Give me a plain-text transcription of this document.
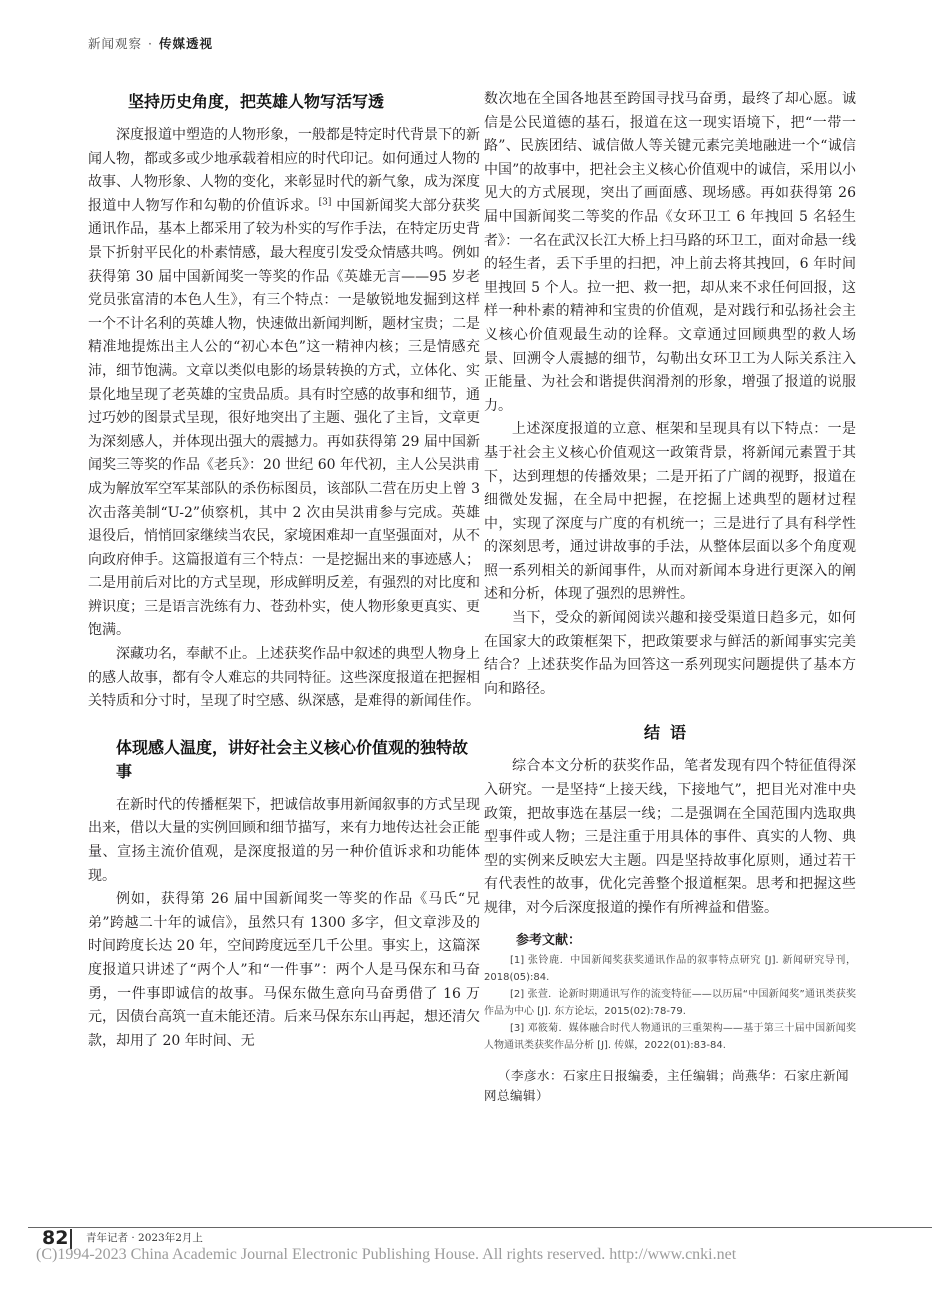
新闻观察 · 传媒透视
坚持历史角度，把英雄人物写活写透

深度报道中塑造的人物形象，一般都是特定时代背景下的新闻人物，都或多或少地承载着相应的时代印记。如何通过人物的故事、人物形象、人物的变化，来彰显时代的新气象，成为深度报道中人物写作和勾勒的价值诉求。[3] 中国新闻奖大部分获奖通讯作品，基本上都采用了较为朴实的写作手法，在特定历史背景下折射平民化的朴素情感，最大程度引发受众情感共鸣。例如获得第 30 届中国新闻奖一等奖的作品《英雄无言——95 岁老党员张富清的本色人生》，有三个特点：一是敏锐地发掘到这样一个不计名利的英雄人物，快速做出新闻判断，题材宝贵；二是精准地提炼出主人公的“初心本色”这一精神内核；三是情感充沛，细节饱满。文章以类似电影的场景转换的方式，立体化、实景化地呈现了老英雄的宝贵品质。具有时空感的故事和细节，通过巧妙的图景式呈现，很好地突出了主题、强化了主旨，文章更为深刻感人，并体现出强大的震撼力。再如获得第 29 届中国新闻奖三等奖的作品《老兵》：20 世纪 60 年代初，主人公吴洪甫成为解放军空军某部队的杀伤标图员，该部队二营在历史上曾 3 次击落美制“U-2”侦察机，其中 2 次由吴洪甫参与完成。英雄退役后，悄悄回家继续当农民，家境困难却一直坚强面对，从不向政府伸手。这篇报道有三个特点：一是挖掘出来的事迹感人；二是用前后对比的方式呈现，形成鲜明反差，有强烈的对比度和辨识度；三是语言洗练有力、苍劲朴实，使人物形象更真实、更饱满。

深藏功名，奉献不止。上述获奖作品中叙述的典型人物身上的感人故事，都有令人难忘的共同特征。这些深度报道在把握相关特质和分寸时，呈现了时空感、纵深感，是难得的新闻佳作。

体现感人温度，讲好社会主义核心价值观的独特故事

在新时代的传播框架下，把诚信故事用新闻叙事的方式呈现出来，借以大量的实例回顾和细节描写，来有力地传达社会正能量、宣扬主流价值观，是深度报道的另一种价值诉求和功能体现。

例如，获得第 26 届中国新闻奖一等奖的作品《马氏“兄弟”跨越二十年的诚信》，虽然只有 1300 多字，但文章涉及的时间跨度长达 20 年，空间跨度远至几千公里。事实上，这篇深度报道只讲述了“两个人”和“一件事”：两个人是马保东和马奋勇，一件事即诚信的故事。马保东做生意向马奋勇借了 16 万元，因债台高筑一直未能还清。后来马保东东山再起，想还清欠款，却用了 20 年时间、无

数次地在全国各地甚至跨国寻找马奋勇，最终了却心愿。诚信是公民道德的基石，报道在这一现实语境下，把“一带一路”、民族团结、诚信做人等关键元素完美地融进一个“诚信中国”的故事中，把社会主义核心价值观中的诚信，采用以小见大的方式展现，突出了画面感、现场感。再如获得第 26 届中国新闻奖二等奖的作品《女环卫工 6 年拽回 5 名轻生者》：一名在武汉长江大桥上扫马路的环卫工，面对命悬一线的轻生者，丢下手里的扫把，冲上前去将其拽回，6 年时间里拽回 5 个人。拉一把、救一把，却从来不求任何回报，这样一种朴素的精神和宝贵的价值观，是对践行和弘扬社会主义核心价值观最生动的诠释。文章通过回顾典型的救人场景、回溯令人震撼的细节，勾勒出女环卫工为人际关系注入正能量、为社会和谐提供润滑剂的形象，增强了报道的说服力。

上述深度报道的立意、框架和呈现具有以下特点：一是基于社会主义核心价值观这一政策背景，将新闻元素置于其下，达到理想的传播效果；二是开拓了广阔的视野，报道在细微处发掘，在全局中把握，在挖掘上述典型的题材过程中，实现了深度与广度的有机统一；三是进行了具有科学性的深刻思考，通过讲故事的手法，从整体层面以多个角度观照一系列相关的新闻事件，从而对新闻本身进行更深入的阐述和分析，体现了强烈的思辨性。

当下，受众的新闻阅读兴趣和接受渠道日趋多元，如何在国家大的政策框架下，把政策要求与鲜活的新闻事实完美结合？上述获奖作品为回答这一系列现实问题提供了基本方向和路径。

结语

综合本文分析的获奖作品，笔者发现有四个特征值得深入研究。一是坚持“上接天线，下接地气”，把目光对准中央政策，把故事选在基层一线；二是强调在全国范围内选取典型事件或人物；三是注重于用具体的事件、真实的人物、典型的实例来反映宏大主题。四是坚持故事化原则，通过若干有代表性的故事，优化完善整个报道框架。思考和把握这些规律，对今后深度报道的操作有所裨益和借鉴。

参考文献：

[1] 张铃鹿．中国新闻奖获奖通讯作品的叙事特点研究 [J]. 新闻研究导刊，2018(05):84.

[2] 张萱．论新时期通讯写作的流变特征——以历届“中国新闻奖”通讯类获奖作品为中心 [J]. 东方论坛，2015(02):78-79.

[3] 邓筱菊．媒体融合时代人物通讯的三重架构——基于第三十届中国新闻奖人物通讯类获奖作品分析 [J]. 传媒，2022(01):83-84.

（李彦水：石家庄日报编委，主任编辑；尚燕华：石家庄新闻网总编辑）
82 青年记者 · 2023年2月上
(C)1994-2023 China Academic Journal Electronic Publishing House. All rights reserved. http://www.cnki.net
